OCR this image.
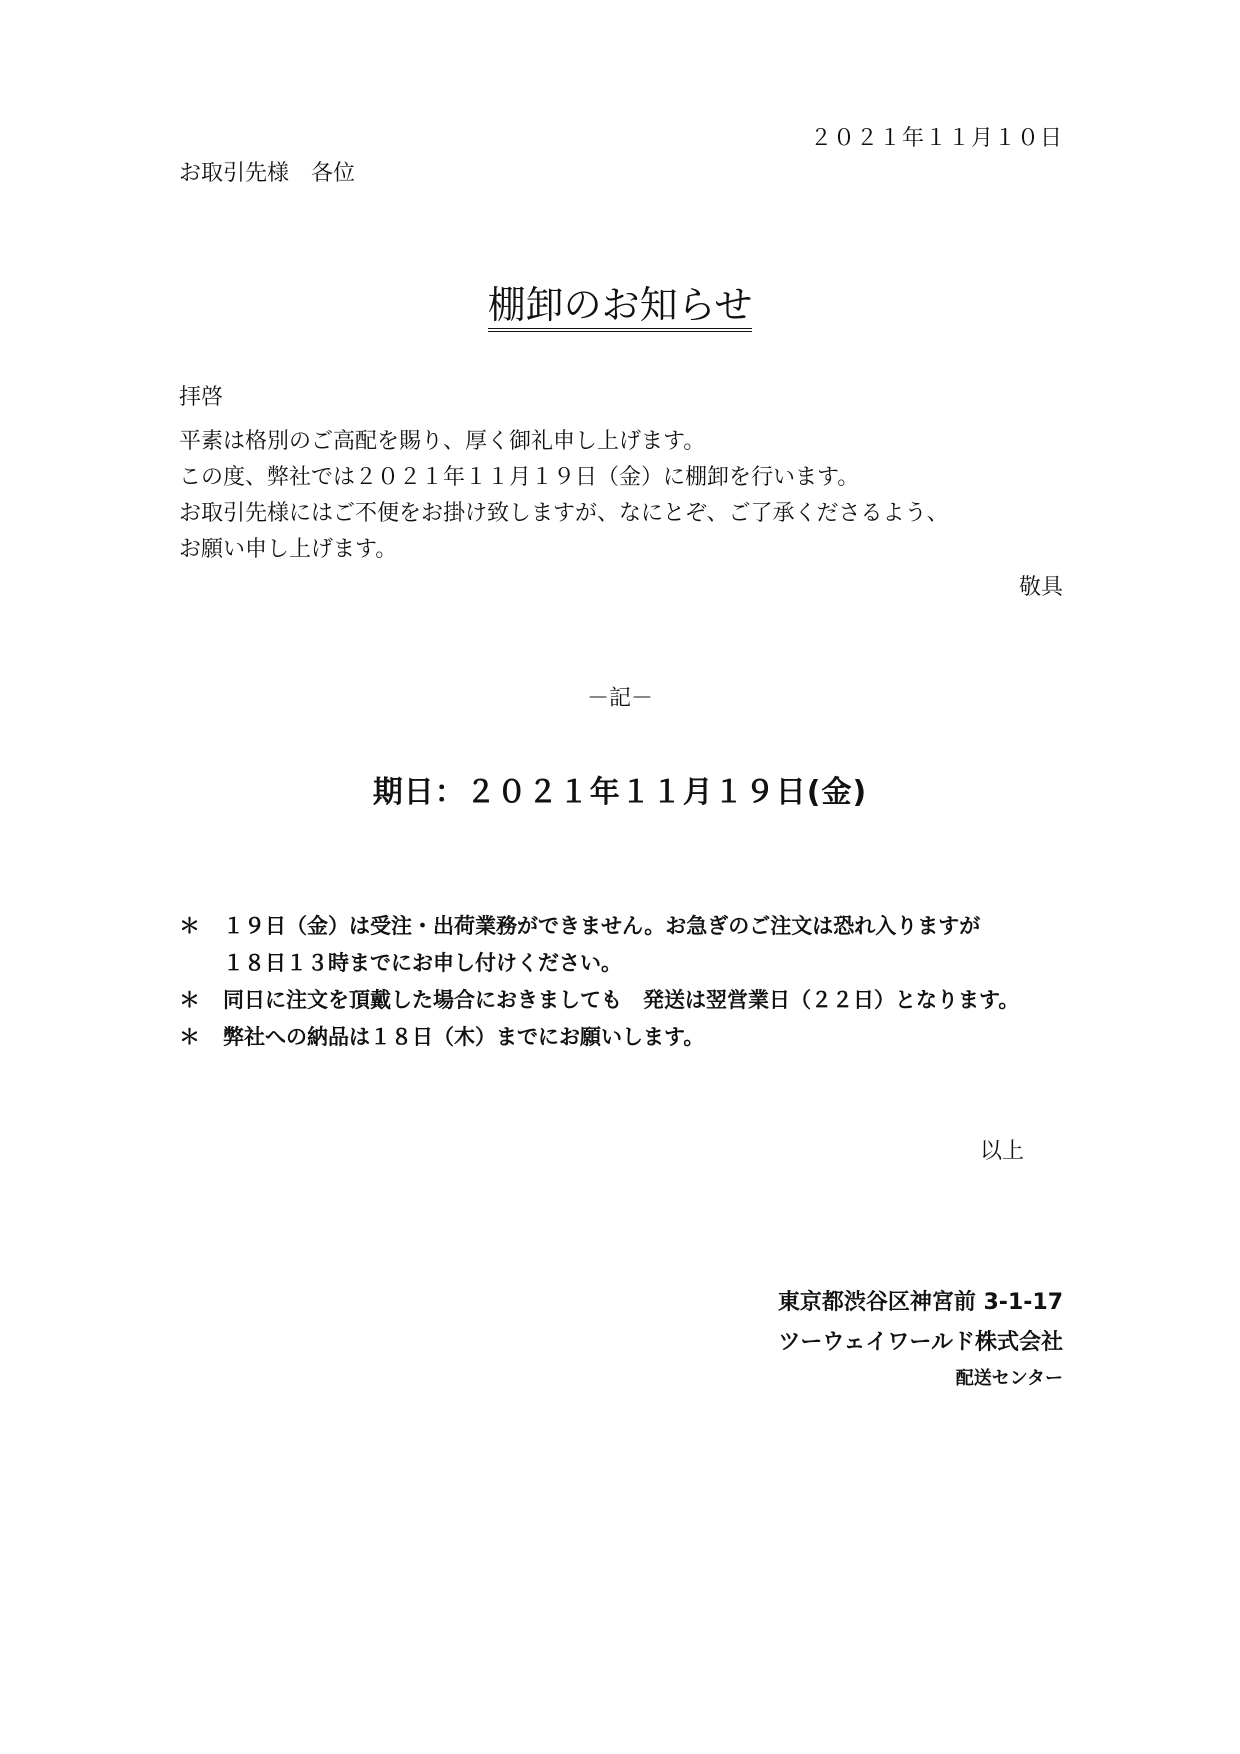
２０２１年１１月１０日
お取引先様　各位
棚卸のお知らせ
拝啓
平素は格別のご高配を賜り、厚く御礼申し上げます。
この度、弊社では２０２１年１１月１９日（金）に棚卸を行います。
お取引先様にはご不便をお掛け致しますが、なにとぞ、ご了承くださるよう、
お願い申し上げます。
敬具
－記－
期日：２０２１年１１月１９日(金)
＊ １９日（金）は受注・出荷業務ができません。お急ぎのご注文は恐れ入りますが
１８日１３時までにお申し付けください。
＊ 同日に注文を頂戴した場合におきましても　発送は翌営業日（２２日）となります。
＊ 弊社への納品は１８日（木）までにお願いします。
以上
東京都渋谷区神宮前 3-1-17
ツーウェイワールド株式会社
配送センター
